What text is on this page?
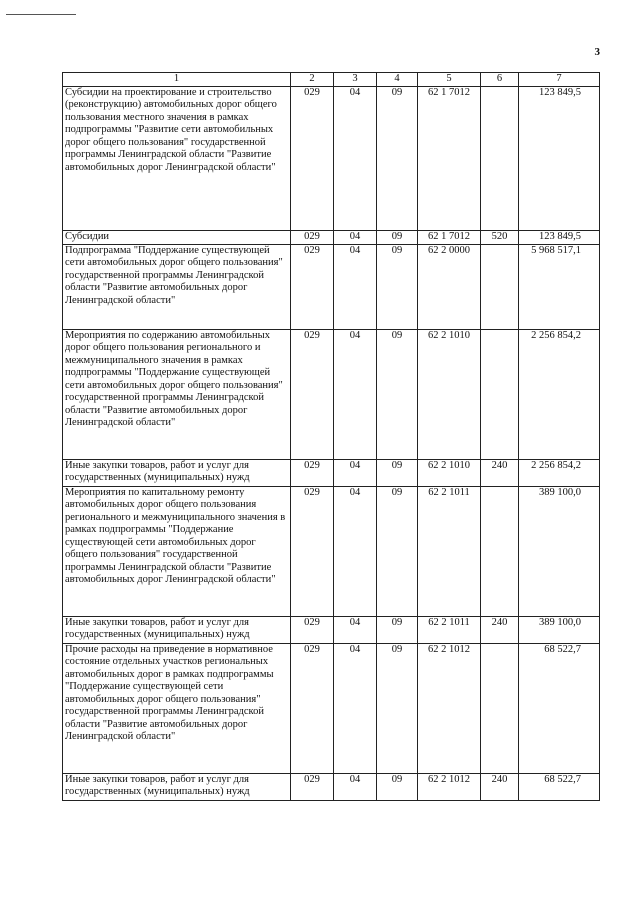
3
1	2	3	4	5	6	7
Субсидии на проектирование и строительство (реконструкцию) автомобильных дорог общего пользования местного значения в рамках подпрограммы "Развитие сети автомобильных дорог общего пользования" государственной программы Ленинградской области "Развитие автомобильных дорог Ленинградской области"	029	04	09	62 1 7012		123 849,5
Субсидии	029	04	09	62 1 7012	520	123 849,5
Подпрограмма "Поддержание существующей сети автомобильных дорог общего пользования" государственной программы Ленинградской области "Развитие автомобильных дорог Ленинградской области"	029	04	09	62 2 0000		5 968 517,1
Мероприятия по содержанию автомобильных дорог общего пользования регионального и межмуниципального значения в рамках подпрограммы "Поддержание существующей сети автомобильных дорог общего пользования" государственной программы Ленинградской области "Развитие автомобильных дорог Ленинградской области"	029	04	09	62 2 1010		2 256 854,2
Иные закупки товаров, работ и услуг для государственных (муниципальных) нужд	029	04	09	62 2 1010	240	2 256 854,2
Мероприятия по капитальному ремонту автомобильных дорог общего пользования регионального и межмуниципального значения в рамках подпрограммы "Поддержание существующей сети автомобильных дорог общего пользования" государственной программы Ленинградской области "Развитие автомобильных дорог Ленинградской области"	029	04	09	62 2 1011		389 100,0
Иные закупки товаров, работ и услуг для государственных (муниципальных) нужд	029	04	09	62 2 1011	240	389 100,0
Прочие расходы на приведение в нормативное состояние отдельных участков региональных автомобильных дорог в рамках подпрограммы "Поддержание существующей сети автомобильных дорог общего пользования" государственной программы Ленинградской области "Развитие автомобильных дорог Ленинградской области"	029	04	09	62 2 1012		68 522,7
Иные закупки товаров, работ и услуг для государственных (муниципальных) нужд	029	04	09	62 2 1012	240	68 522,7
